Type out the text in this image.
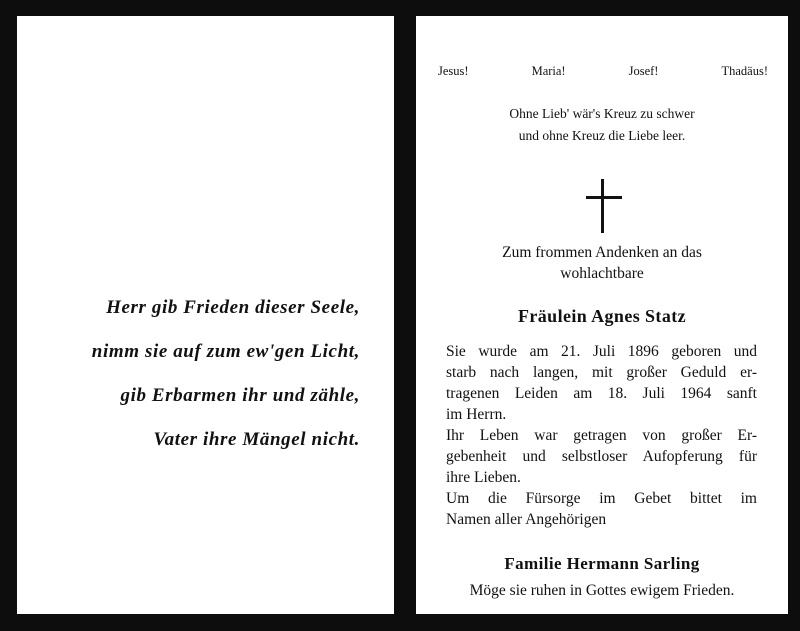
Herr gib Frieden dieser Seele,
nimm sie auf zum ew'gen Licht,
gib Erbarmen ihr und zähle,
Vater ihre Mängel nicht.
Jesus!	Maria!	Josef!	Thadäus!
Ohne Lieb' wär's Kreuz zu schwer
und ohne Kreuz die Liebe leer.
Zum frommen Andenken an das
wohlachtbare
Fräulein Agnes Statz
Sie wurde am 21. Juli 1896 geboren und
starb nach langen, mit großer Geduld er-
tragenen Leiden am 18. Juli 1964 sanft
im Herrn.
Ihr Leben war getragen von großer Er-
gebenheit und selbstloser Aufopferung für
ihre Lieben.
Um die Fürsorge im Gebet bittet im
Namen aller Angehörigen
Familie Hermann Sarling
Möge sie ruhen in Gottes ewigem Frieden.
